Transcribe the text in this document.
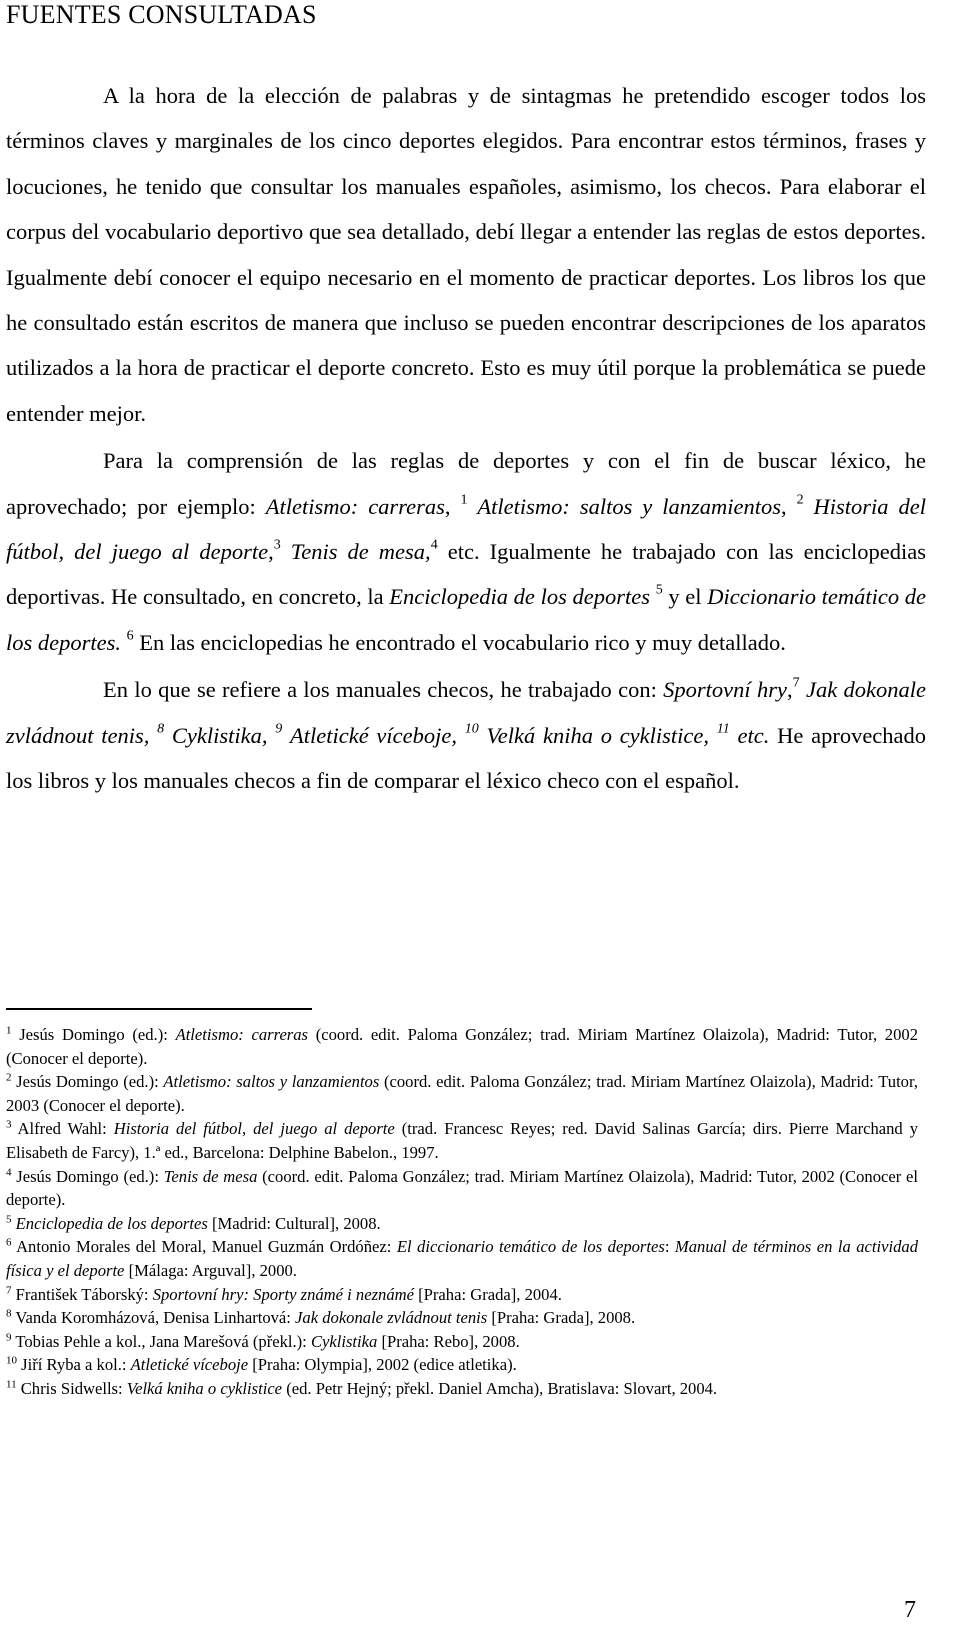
FUENTES CONSULTADAS

A la hora de la elección de palabras y de sintagmas he pretendido escoger todos los términos claves y marginales de los cinco deportes elegidos. Para encontrar estos términos, frases y locuciones, he tenido que consultar los manuales españoles, asimismo, los checos. Para elaborar el corpus del vocabulario deportivo que sea detallado, debí llegar a entender las reglas de estos deportes. Igualmente debí conocer el equipo necesario en el momento de practicar deportes. Los libros los que he consultado están escritos de manera que incluso se pueden encontrar descripciones de los aparatos utilizados a la hora de practicar el deporte concreto. Esto es muy útil porque la problemática se puede entender mejor.

Para la comprensión de las reglas de deportes y con el fin de buscar léxico, he aprovechado; por ejemplo: Atletismo: carreras, $^1$ Atletismo: saltos y lanzamientos, $^2$ Historia del fútbol, del juego al deporte,$^3$ Tenis de mesa,$^4$ etc. Igualmente he trabajado con las enciclopedias deportivas. He consultado, en concreto, la Enciclopedia de los deportes $^5$ y el Diccionario temático de los deportes. $^6$ En las enciclopedias he encontrado el vocabulario rico y muy detallado.

En lo que se refiere a los manuales checos, he trabajado con: Sportovní hry,$^7$ Jak dokonale zvládnout tenis, $^8$ Cyklistika, $^9$ Atletické víceboje, $^{10}$ Velká kniha o cyklistice, $^{11}$ etc. He aprovechado los libros y los manuales checos a fin de comparar el léxico checo con el español.

$^1$ Jesús Domingo (ed.): Atletismo: carreras (coord. edit. Paloma González; trad. Miriam Martínez Olaizola), Madrid: Tutor, 2002 (Conocer el deporte).

$^2$ Jesús Domingo (ed.): Atletismo: saltos y lanzamientos (coord. edit. Paloma González; trad. Miriam Martínez Olaizola), Madrid: Tutor, 2003 (Conocer el deporte).

$^3$ Alfred Wahl: Historia del fútbol, del juego al deporte (trad. Francesc Reyes; red. David Salinas García; dirs. Pierre Marchand y Elisabeth de Farcy), 1.ª ed., Barcelona: Delphine Babelon., 1997.

$^4$ Jesús Domingo (ed.): Tenis de mesa (coord. edit. Paloma González; trad. Miriam Martínez Olaizola), Madrid: Tutor, 2002 (Conocer el deporte).

$^5$ Enciclopedia de los deportes [Madrid: Cultural], 2008.

$^6$ Antonio Morales del Moral, Manuel Guzmán Ordóñez: El diccionario temático de los deportes: Manual de términos en la actividad física y el deporte [Málaga: Arguval], 2000.

$^7$ František Táborský: Sportovní hry: Sporty známé i neznámé [Praha: Grada], 2004.

$^8$ Vanda Koromházová, Denisa Linhartová: Jak dokonale zvládnout tenis [Praha: Grada], 2008.

$^9$ Tobias Pehle a kol., Jana Marešová (překl.): Cyklistika [Praha: Rebo], 2008.

$^{10}$ Jiří Ryba a kol.: Atletické víceboje [Praha: Olympia], 2002 (edice atletika).

$^{11}$ Chris Sidwells: Velká kniha o cyklistice (ed. Petr Hejný; překl. Daniel Amcha), Bratislava: Slovart, 2004.

7
